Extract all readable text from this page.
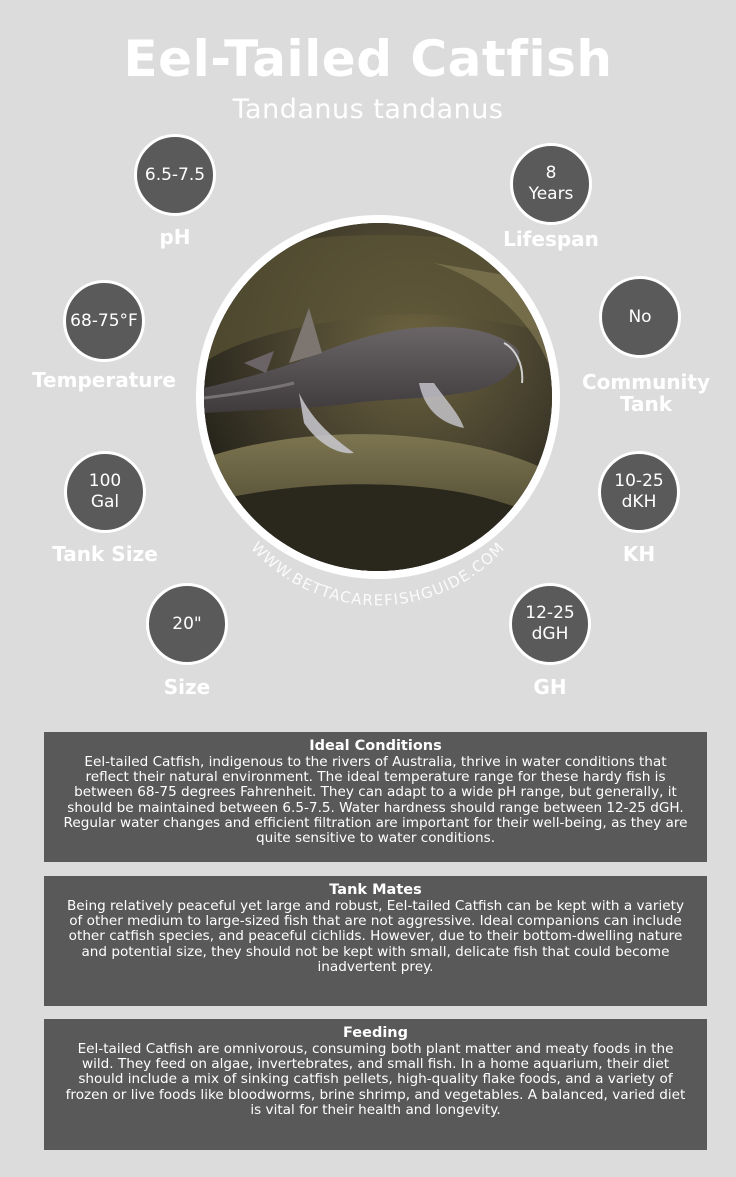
Eel-Tailed Catfish
Tandanus tandanus
WWW.BETTACAREFISHGUIDE.COM
6.5-7.5
pH
8
Years
Lifespan
68-75°F
Temperature
No
Community
Tank
100
Gal
Tank Size
10-25
dKH
KH
20"
Size
12-25
dGH
GH
Ideal Conditions

Eel-tailed Catfish, indigenous to the rivers of Australia, thrive in water conditions that reflect their natural environment. The ideal temperature range for these hardy fish is between 68-75 degrees Fahrenheit. They can adapt to a wide pH range, but generally, it should be maintained between 6.5-7.5. Water hardness should range between 12-25 dGH. Regular water changes and efficient filtration are important for their well-being, as they are quite sensitive to water conditions.

Tank Mates

Being relatively peaceful yet large and robust, Eel-tailed Catfish can be kept with a variety of other medium to large-sized fish that are not aggressive. Ideal companions can include other catfish species, and peaceful cichlids. However, due to their bottom-dwelling nature and potential size, they should not be kept with small, delicate fish that could become inadvertent prey.

Feeding

Eel-tailed Catfish are omnivorous, consuming both plant matter and meaty foods in the wild. They feed on algae, invertebrates, and small fish. In a home aquarium, their diet should include a mix of sinking catfish pellets, high-quality flake foods, and a variety of frozen or live foods like bloodworms, brine shrimp, and vegetables. A balanced, varied diet is vital for their health and longevity.
